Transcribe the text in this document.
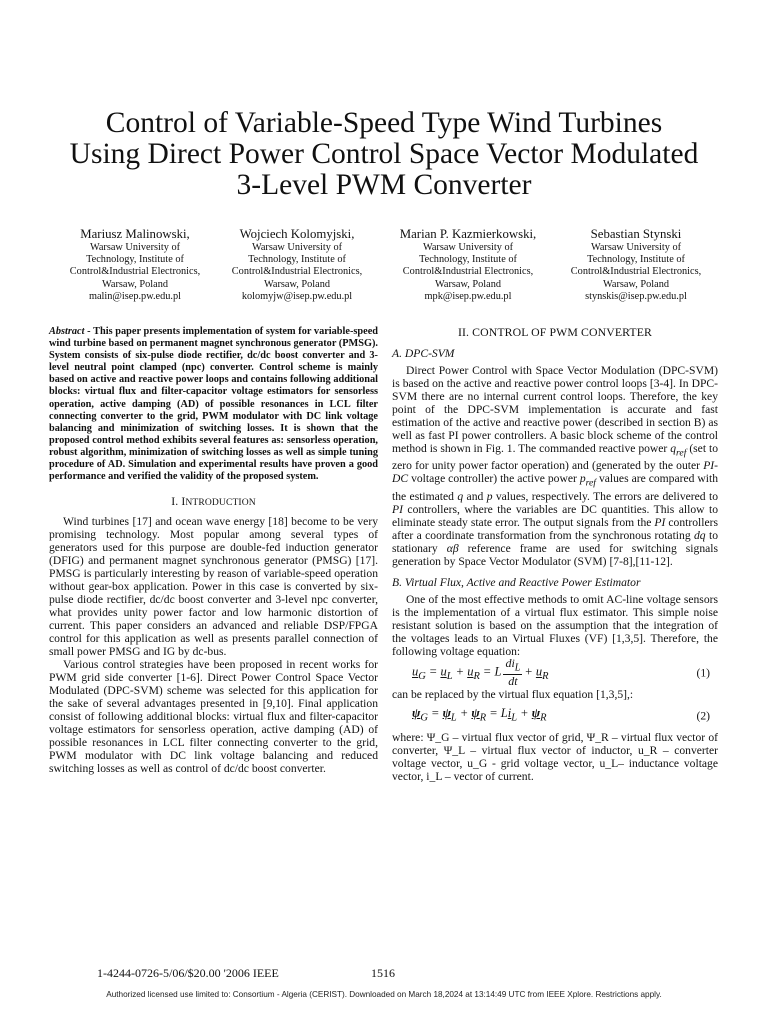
Control of Variable-Speed Type Wind Turbines
Using Direct Power Control Space Vector Modulated
3-Level PWM Converter
Mariusz Malinowski,
Warsaw University of
Technology, Institute of
Control&Industrial Electronics,
Warsaw, Poland
malin@isep.pw.edu.pl
Wojciech Kolomyjski,
Warsaw University of
Technology, Institute of
Control&Industrial Electronics,
Warsaw, Poland
kolomyjw@isep.pw.edu.pl
Marian P. Kazmierkowski,
Warsaw University of
Technology, Institute of
Control&Industrial Electronics,
Warsaw, Poland
mpk@isep.pw.edu.pl
Sebastian Stynski
Warsaw University of
Technology, Institute of
Control&Industrial Electronics,
Warsaw, Poland
stynskis@isep.pw.edu.pl

Abstract - This paper presents implementation of system for variable-speed wind turbine based on permanent magnet synchronous generator (PMSG). System consists of six-pulse diode rectifier, dc/dc boost converter and 3-level neutral point clamped (npc) converter. Control scheme is mainly based on active and reactive power loops and contains following additional blocks: virtual flux and filter-capacitor voltage estimators for sensorless operation, active damping (AD) of possible resonances in LCL filter connecting converter to the grid, PWM modulator with DC link voltage balancing and minimization of switching losses. It is shown that the proposed control method exhibits several features as: sensorless operation, robust algorithm, minimization of switching losses as well as simple tuning procedure of AD. Simulation and experimental results have proven a good performance and verified the validity of the proposed system.

I. INTRODUCTION

Wind turbines [17] and ocean wave energy [18] become to be very promising technology. Most popular among several types of generators used for this purpose are double-fed induction generator (DFIG) and permanent magnet synchronous generator (PMSG) [17]. PMSG is particularly interesting by reason of variable-speed operation without gear-box application. Power in this case is converted by six-pulse diode rectifier, dc/dc boost converter and 3-level npc converter, what provides unity power factor and low harmonic distortion of current. This paper considers an advanced and reliable DSP/FPGA control for this application as well as presents parallel connection of small power PMSG and IG by dc-bus.

Various control strategies have been proposed in recent works for PWM grid side converter [1-6]. Direct Power Control Space Vector Modulated (DPC-SVM) scheme was selected for this application for the sake of several advantages presented in [9,10]. Final application consist of following additional blocks: virtual flux and filter-capacitor voltage estimators for sensorless operation, active damping (AD) of possible resonances in LCL filter connecting converter to the grid, PWM modulator with DC link voltage balancing and reduced switching losses as well as control of dc/dc boost converter.

II. CONTROL OF PWM CONVERTER
A. DPC-SVM

Direct Power Control with Space Vector Modulation (DPC-SVM) is based on the active and reactive power control loops [3-4]. In DPC-SVM there are no internal current control loops. Therefore, the key point of the DPC-SVM implementation is accurate and fast estimation of the active and reactive power (described in section B) as well as fast PI power controllers. A basic block scheme of the control method is shown in Fig. 1. The commanded reactive power $q_{ref}$ (set to zero for unity power factor operation) and (generated by the outer PI-DC voltage controller) the active power $p_{ref}$ values are compared with the estimated q and p values, respectively. The errors are delivered to PI controllers, where the variables are DC quantities. This allow to eliminate steady state error. The output signals from the PI controllers after a coordinate transformation from the synchronous rotating dq to stationary αβ reference frame are used for switching signals generation by Space Vector Modulator (SVM) [7-8],[11-12].

B. Virtual Flux, Active and Reactive Power Estimator

One of the most effective methods to omit AC-line voltage sensors is the implementation of a virtual flux estimator. This simple noise resistant solution is based on the assumption that the integration of the voltages leads to an Virtual Fluxes (VF) [1,3,5]. Therefore, the following voltage equation:

$u_G = u_L + u_R = L \frac{di_L}{dt} + u_R$	(1)

can be replaced by the virtual flux equation [1,3,5],:

$\psi_G = \psi_L + \psi_R = Li_L + \psi_R$	(2)

where: Ψ_G – virtual flux vector of grid, Ψ_R – virtual flux vector of converter, Ψ_L – virtual flux vector of inductor, u_R – converter voltage vector, u_G - grid voltage vector, u_L– inductance voltage vector, i_L – vector of current.

1-4244-0726-5/06/$20.00 '2006 IEEE	1516
Authorized licensed use limited to: Consortium - Algeria (CERIST). Downloaded on March 18,2024 at 13:14:49 UTC from IEEE Xplore. Restrictions apply.
